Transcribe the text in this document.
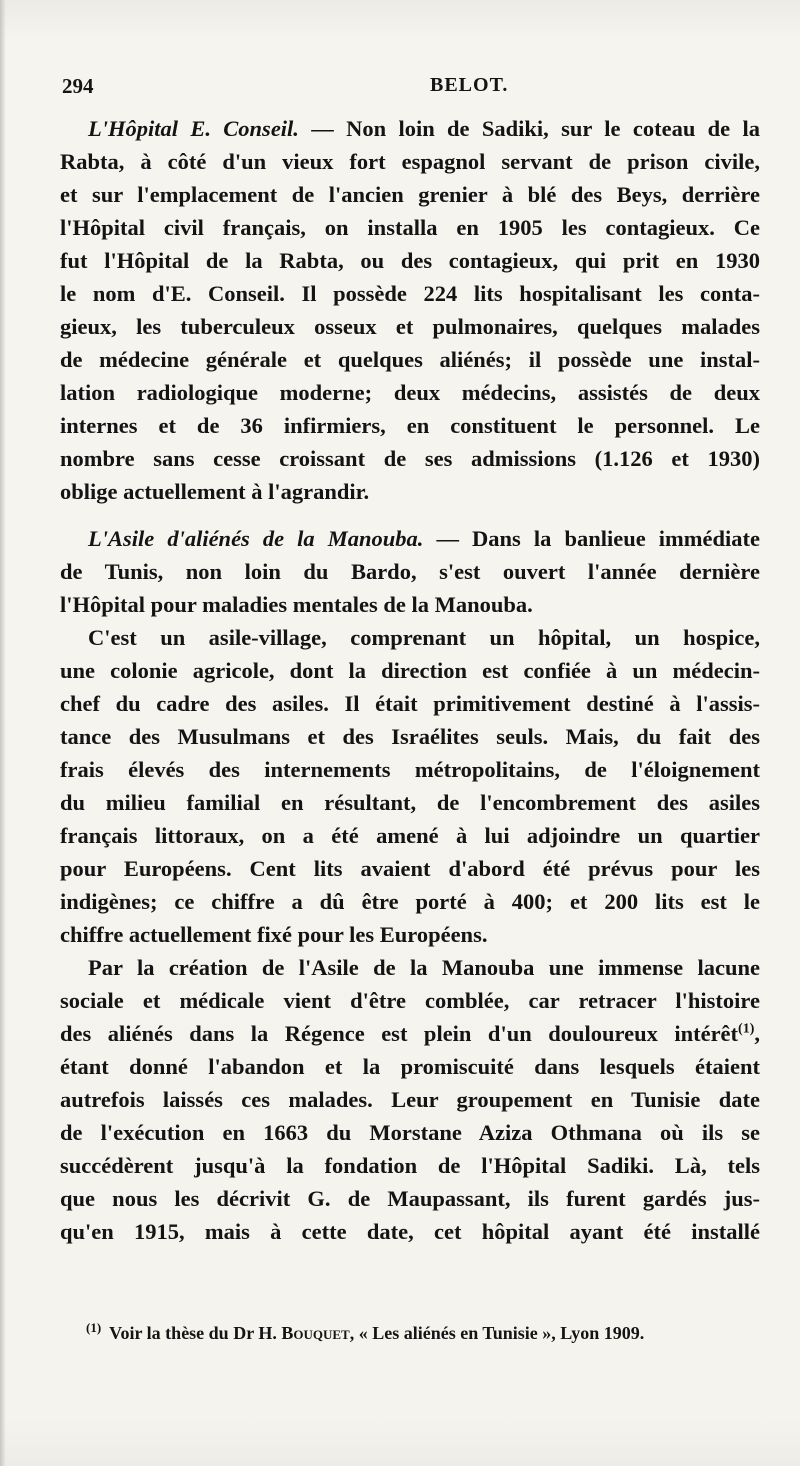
294	BELOT.
L'Hôpital E. Conseil. — Non loin de Sadiki, sur le coteau de la
Rabta, à côté d'un vieux fort espagnol servant de prison civile,
et sur l'emplacement de l'ancien grenier à blé des Beys, derrière
l'Hôpital civil français, on installa en 1905 les contagieux. Ce
fut l'Hôpital de la Rabta, ou des contagieux, qui prit en 1930
le nom d'E. Conseil. Il possède 224 lits hospitalisant les conta-
gieux, les tuberculeux osseux et pulmonaires, quelques malades
de médecine générale et quelques aliénés; il possède une instal-
lation radiologique moderne; deux médecins, assistés de deux
internes et de 36 infirmiers, en constituent le personnel. Le
nombre sans cesse croissant de ses admissions (1.126 et 1930)
oblige actuellement à l'agrandir.
L'Asile d'aliénés de la Manouba. — Dans la banlieue immédiate
de Tunis, non loin du Bardo, s'est ouvert l'année dernière
l'Hôpital pour maladies mentales de la Manouba.
C'est un asile-village, comprenant un hôpital, un hospice,
une colonie agricole, dont la direction est confiée à un médecin-
chef du cadre des asiles. Il était primitivement destiné à l'assis-
tance des Musulmans et des Israélites seuls. Mais, du fait des
frais élevés des internements métropolitains, de l'éloignement
du milieu familial en résultant, de l'encombrement des asiles
français littoraux, on a été amené à lui adjoindre un quartier
pour Européens. Cent lits avaient d'abord été prévus pour les
indigènes; ce chiffre a dû être porté à 400; et 200 lits est le
chiffre actuellement fixé pour les Européens.
Par la création de l'Asile de la Manouba une immense lacune
sociale et médicale vient d'être comblée, car retracer l'histoire
des aliénés dans la Régence est plein d'un douloureux intérêt$^{(1)}$,
étant donné l'abandon et la promiscuité dans lesquels étaient
autrefois laissés ces malades. Leur groupement en Tunisie date
de l'exécution en 1663 du Morstane Aziza Othmana où ils se
succédèrent jusqu'à la fondation de l'Hôpital Sadiki. Là, tels
que nous les décrivit G. de Maupassant, ils furent gardés jus-
qu'en 1915, mais à cette date, cet hôpital ayant été installé
$^{(1)}$ Voir la thèse du Dr H. Bouquet, « Les aliénés en Tunisie », Lyon 1909.
